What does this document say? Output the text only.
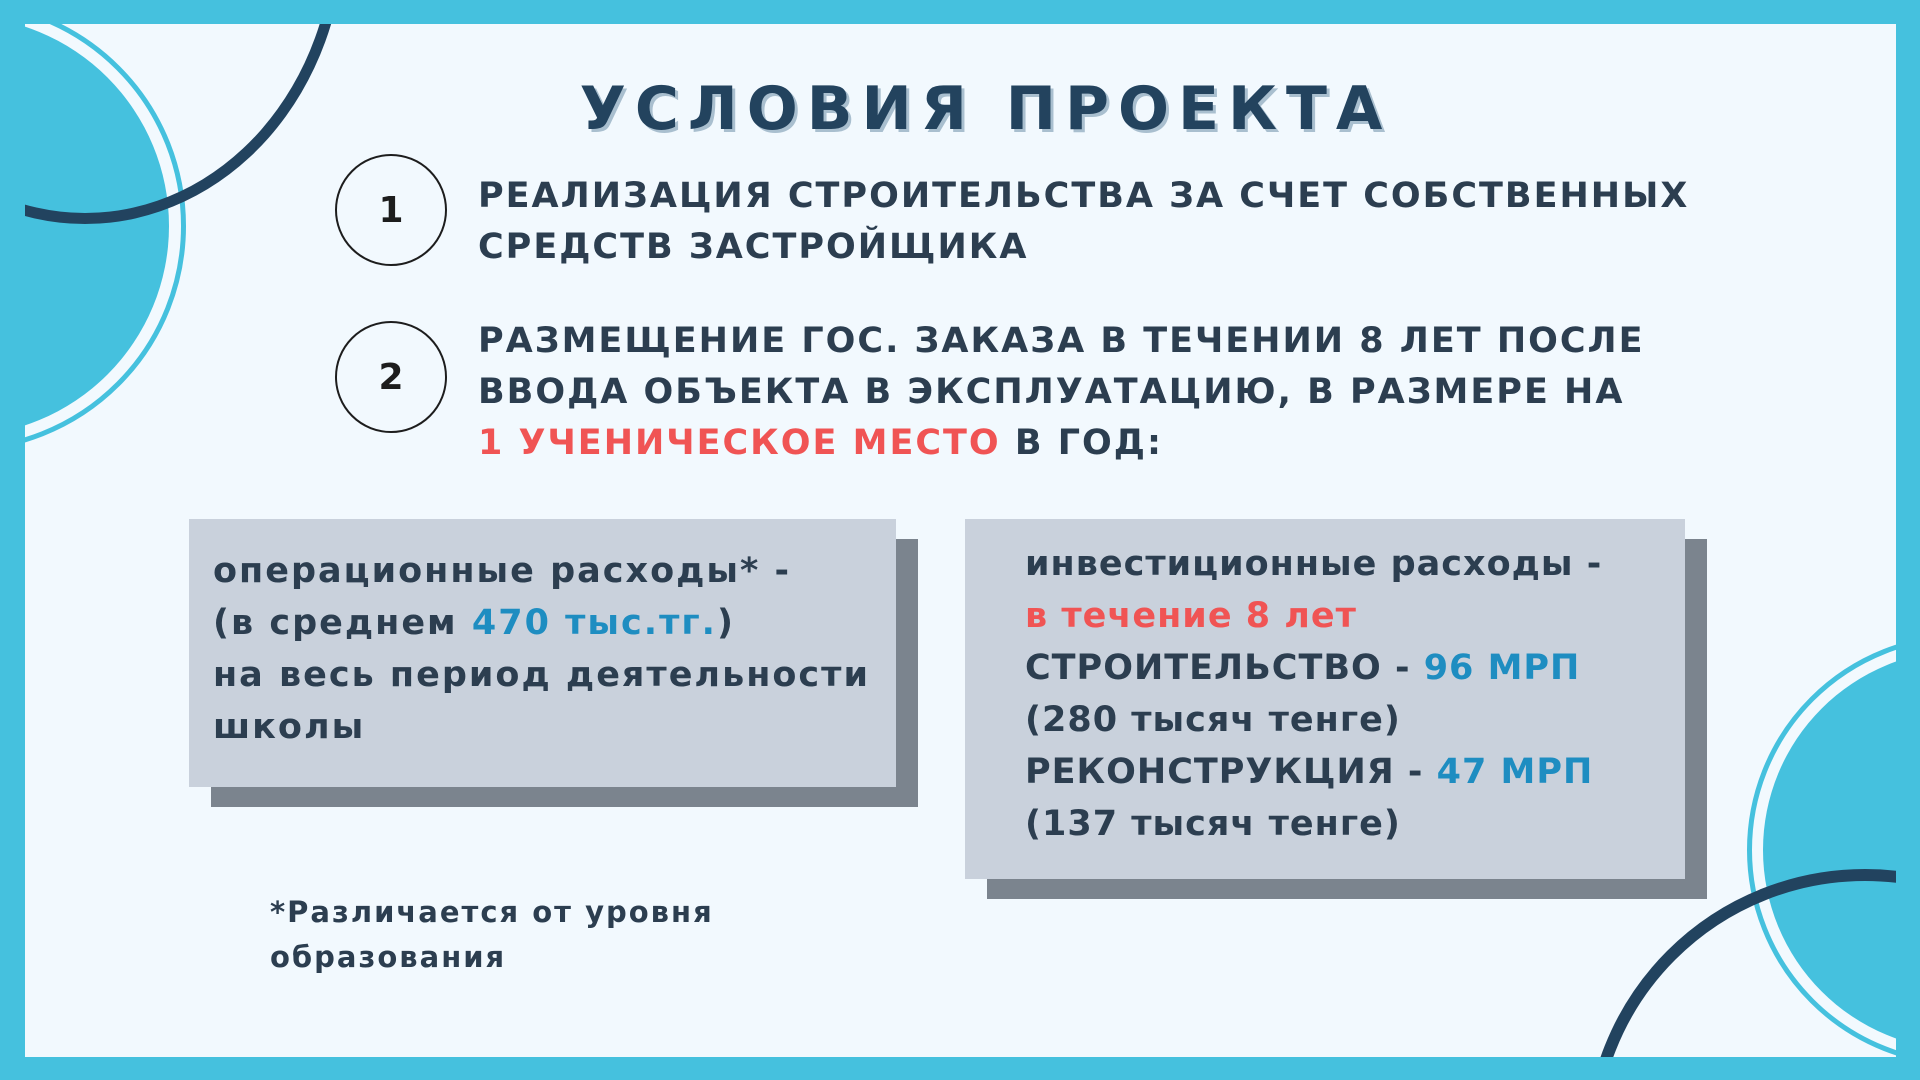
УСЛОВИЯ ПРОЕКТА
1	РЕАЛИЗАЦИЯ СТРОИТЕЛЬСТВА ЗА СЧЕТ СОБСТВЕННЫХ
СРЕДСТВ ЗАСТРОЙЩИКА

2

РАЗМЕЩЕНИЕ ГОС. ЗАКАЗА В ТЕЧЕНИИ 8 ЛЕТ ПОСЛЕ
ВВОДА ОБЪЕКТА В ЭКСПЛУАТАЦИЮ, В РАЗМЕРЕ НА
1 УЧЕНИЧЕСКОЕ МЕСТО В ГОД:

операционные расходы* -
(в среднем 470 тыс.тг.)
на весь период деятельности
школы
инвестиционные расходы -
в течение 8 лет
СТРОИТЕЛЬСТВО - 96 МРП
(280 тысяч тенге)
РЕКОНСТРУКЦИЯ - 47 МРП
(137 тысяч тенге)
*Различается от уровня
образования
